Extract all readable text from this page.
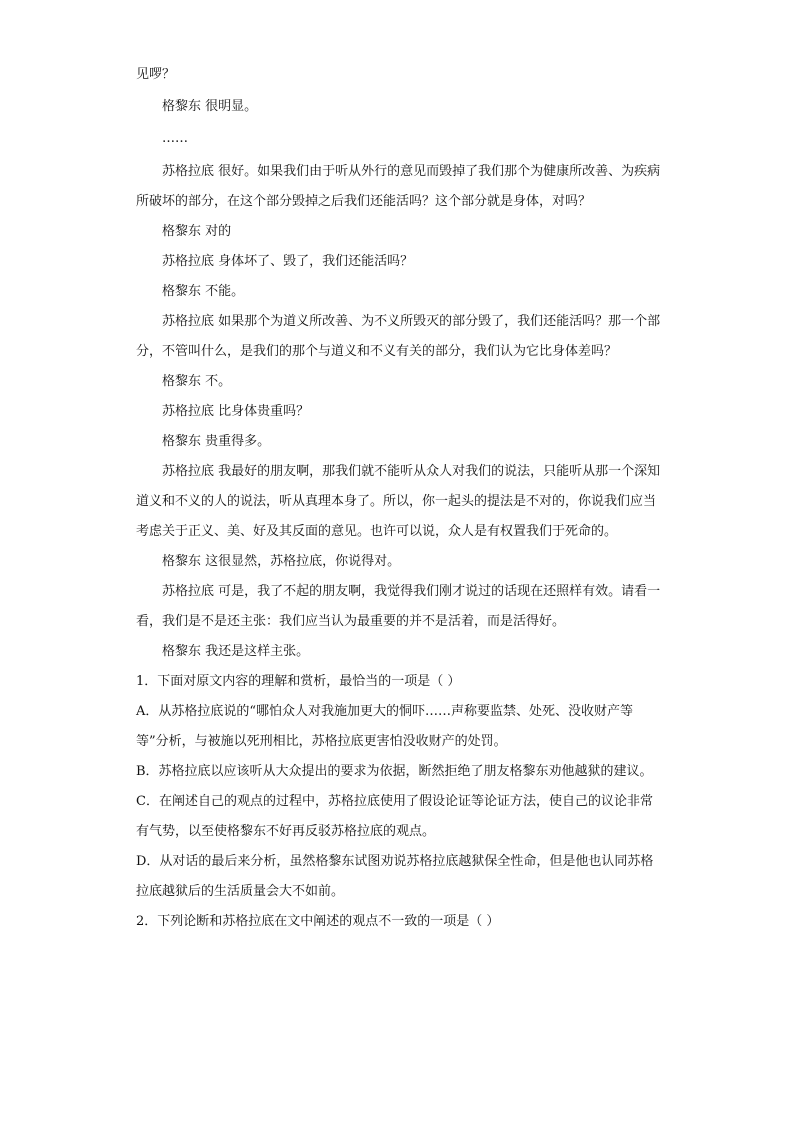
见啰？

格黎东 很明显。

……

苏格拉底 很好。如果我们由于听从外行的意见而毁掉了我们那个为健康所改善、为疾病所破坏的部分，在这个部分毁掉之后我们还能活吗？这个部分就是身体，对吗？

格黎东 对的

苏格拉底 身体坏了、毁了，我们还能活吗？

格黎东 不能。

苏格拉底 如果那个为道义所改善、为不义所毁灭的部分毁了，我们还能活吗？那一个部分，不管叫什么，是我们的那个与道义和不义有关的部分，我们认为它比身体差吗？

格黎东 不。

苏格拉底 比身体贵重吗？

格黎东 贵重得多。

苏格拉底 我最好的朋友啊，那我们就不能听从众人对我们的说法，只能听从那一个深知道义和不义的人的说法，听从真理本身了。所以，你一起头的提法是不对的，你说我们应当考虑关于正义、美、好及其反面的意见。也许可以说，众人是有权置我们于死命的。

格黎东 这很显然，苏格拉底，你说得对。

苏格拉底 可是，我了不起的朋友啊，我觉得我们刚才说过的话现在还照样有效。请看一看，我们是不是还主张：我们应当认为最重要的并不是活着，而是活得好。

格黎东 我还是这样主张。

1．下面对原文内容的理解和赏析，最恰当的一项是（ ）

A．从苏格拉底说的“哪怕众人对我施加更大的恫吓……声称要监禁、处死、没收财产等等”分析，与被施以死刑相比，苏格拉底更害怕没收财产的处罚。

B．苏格拉底以应该听从大众提出的要求为依据，断然拒绝了朋友格黎东劝他越狱的建议。

C．在阐述自己的观点的过程中，苏格拉底使用了假设论证等论证方法，使自己的议论非常有气势，以至使格黎东不好再反驳苏格拉底的观点。

D．从对话的最后来分析，虽然格黎东试图劝说苏格拉底越狱保全性命，但是他也认同苏格拉底越狱后的生活质量会大不如前。

2．下列论断和苏格拉底在文中阐述的观点不一致的一项是（ ）
